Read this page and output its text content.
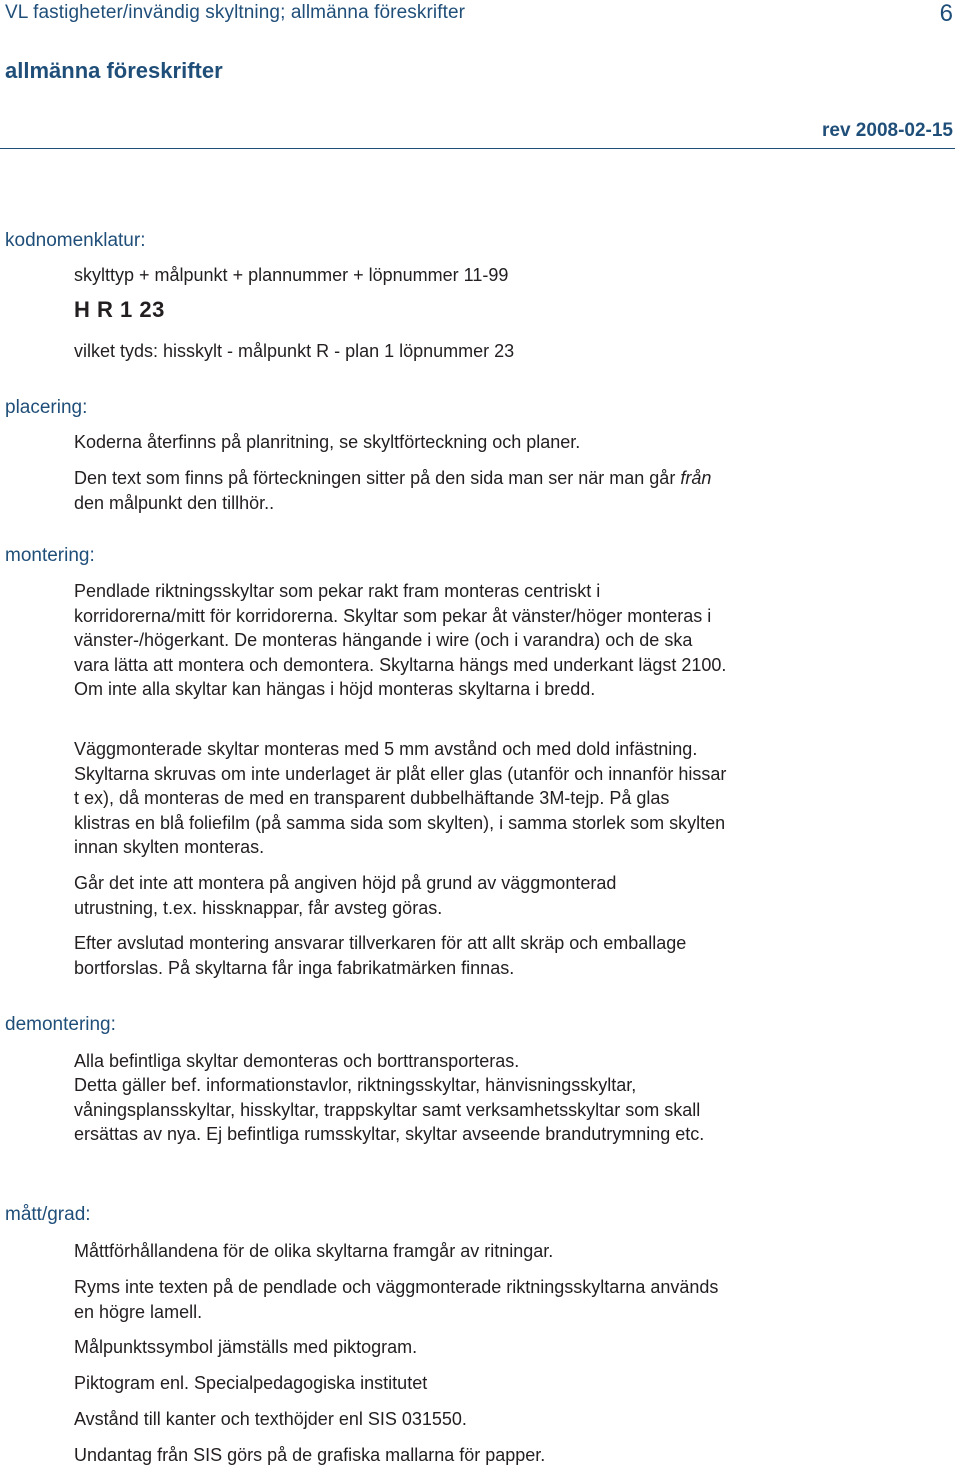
VL fastigheter/invändig skyltning; allmänna föreskrifter	6
allmänna föreskrifter
rev 2008-02-15
kodnomenklatur:
skylttyp + målpunkt + plannummer + löpnummer 11-99
H R 1 23
vilket tyds: hisskylt - målpunkt R - plan 1 löpnummer 23
placering:
Koderna återfinns på planritning, se skyltförteckning och planer.
Den text som finns på förteckningen sitter på den sida man ser när man går från den målpunkt den tillhör..
montering:
Pendlade riktningsskyltar som pekar rakt fram monteras centriskt i korridorerna/mitt för korridorerna. Skyltar som pekar åt vänster/höger monteras i vänster-/högerkant. De monteras hängande i wire (och i varandra) och de ska vara lätta att montera och demontera. Skyltarna hängs med underkant lägst 2100. Om inte alla skyltar kan hängas i höjd monteras skyltarna i bredd.
Väggmonterade skyltar monteras med 5 mm avstånd och med dold infästning. Skyltarna skruvas om inte underlaget är plåt eller glas (utanför och innanför hissar t ex), då monteras de med en transparent dubbelhäftande 3M-tejp. På glas klistras en blå foliefilm (på samma sida som skylten), i samma storlek som skylten innan skylten monteras.
Går det inte att montera på angiven höjd på grund av väggmonterad utrustning, t.ex. hissknappar, får avsteg göras.
Efter avslutad montering ansvarar tillverkaren för att allt skräp och emballage bortforslas. På skyltarna får inga fabrikatmärken finnas.
demontering:
Alla befintliga skyltar demonteras och borttransporteras.
Detta gäller bef. informationstavlor, riktningsskyltar, hänvisningsskyltar, våningsplansskyltar, hisskyltar, trappskyltar samt verksamhetsskyltar som skall ersättas av nya. Ej befintliga rumsskyltar, skyltar avseende brandutrymning etc.
mått/grad:
Måttförhållandena för de olika skyltarna framgår av ritningar.
Ryms inte texten på de pendlade och väggmonterade riktningsskyltarna används en högre lamell.
Målpunktssymbol jämställs med piktogram.
Piktogram enl. Specialpedagogiska institutet
Avstånd till kanter och texthöjder enl SIS 031550.
Undantag från SIS görs på de grafiska mallarna för papper.
